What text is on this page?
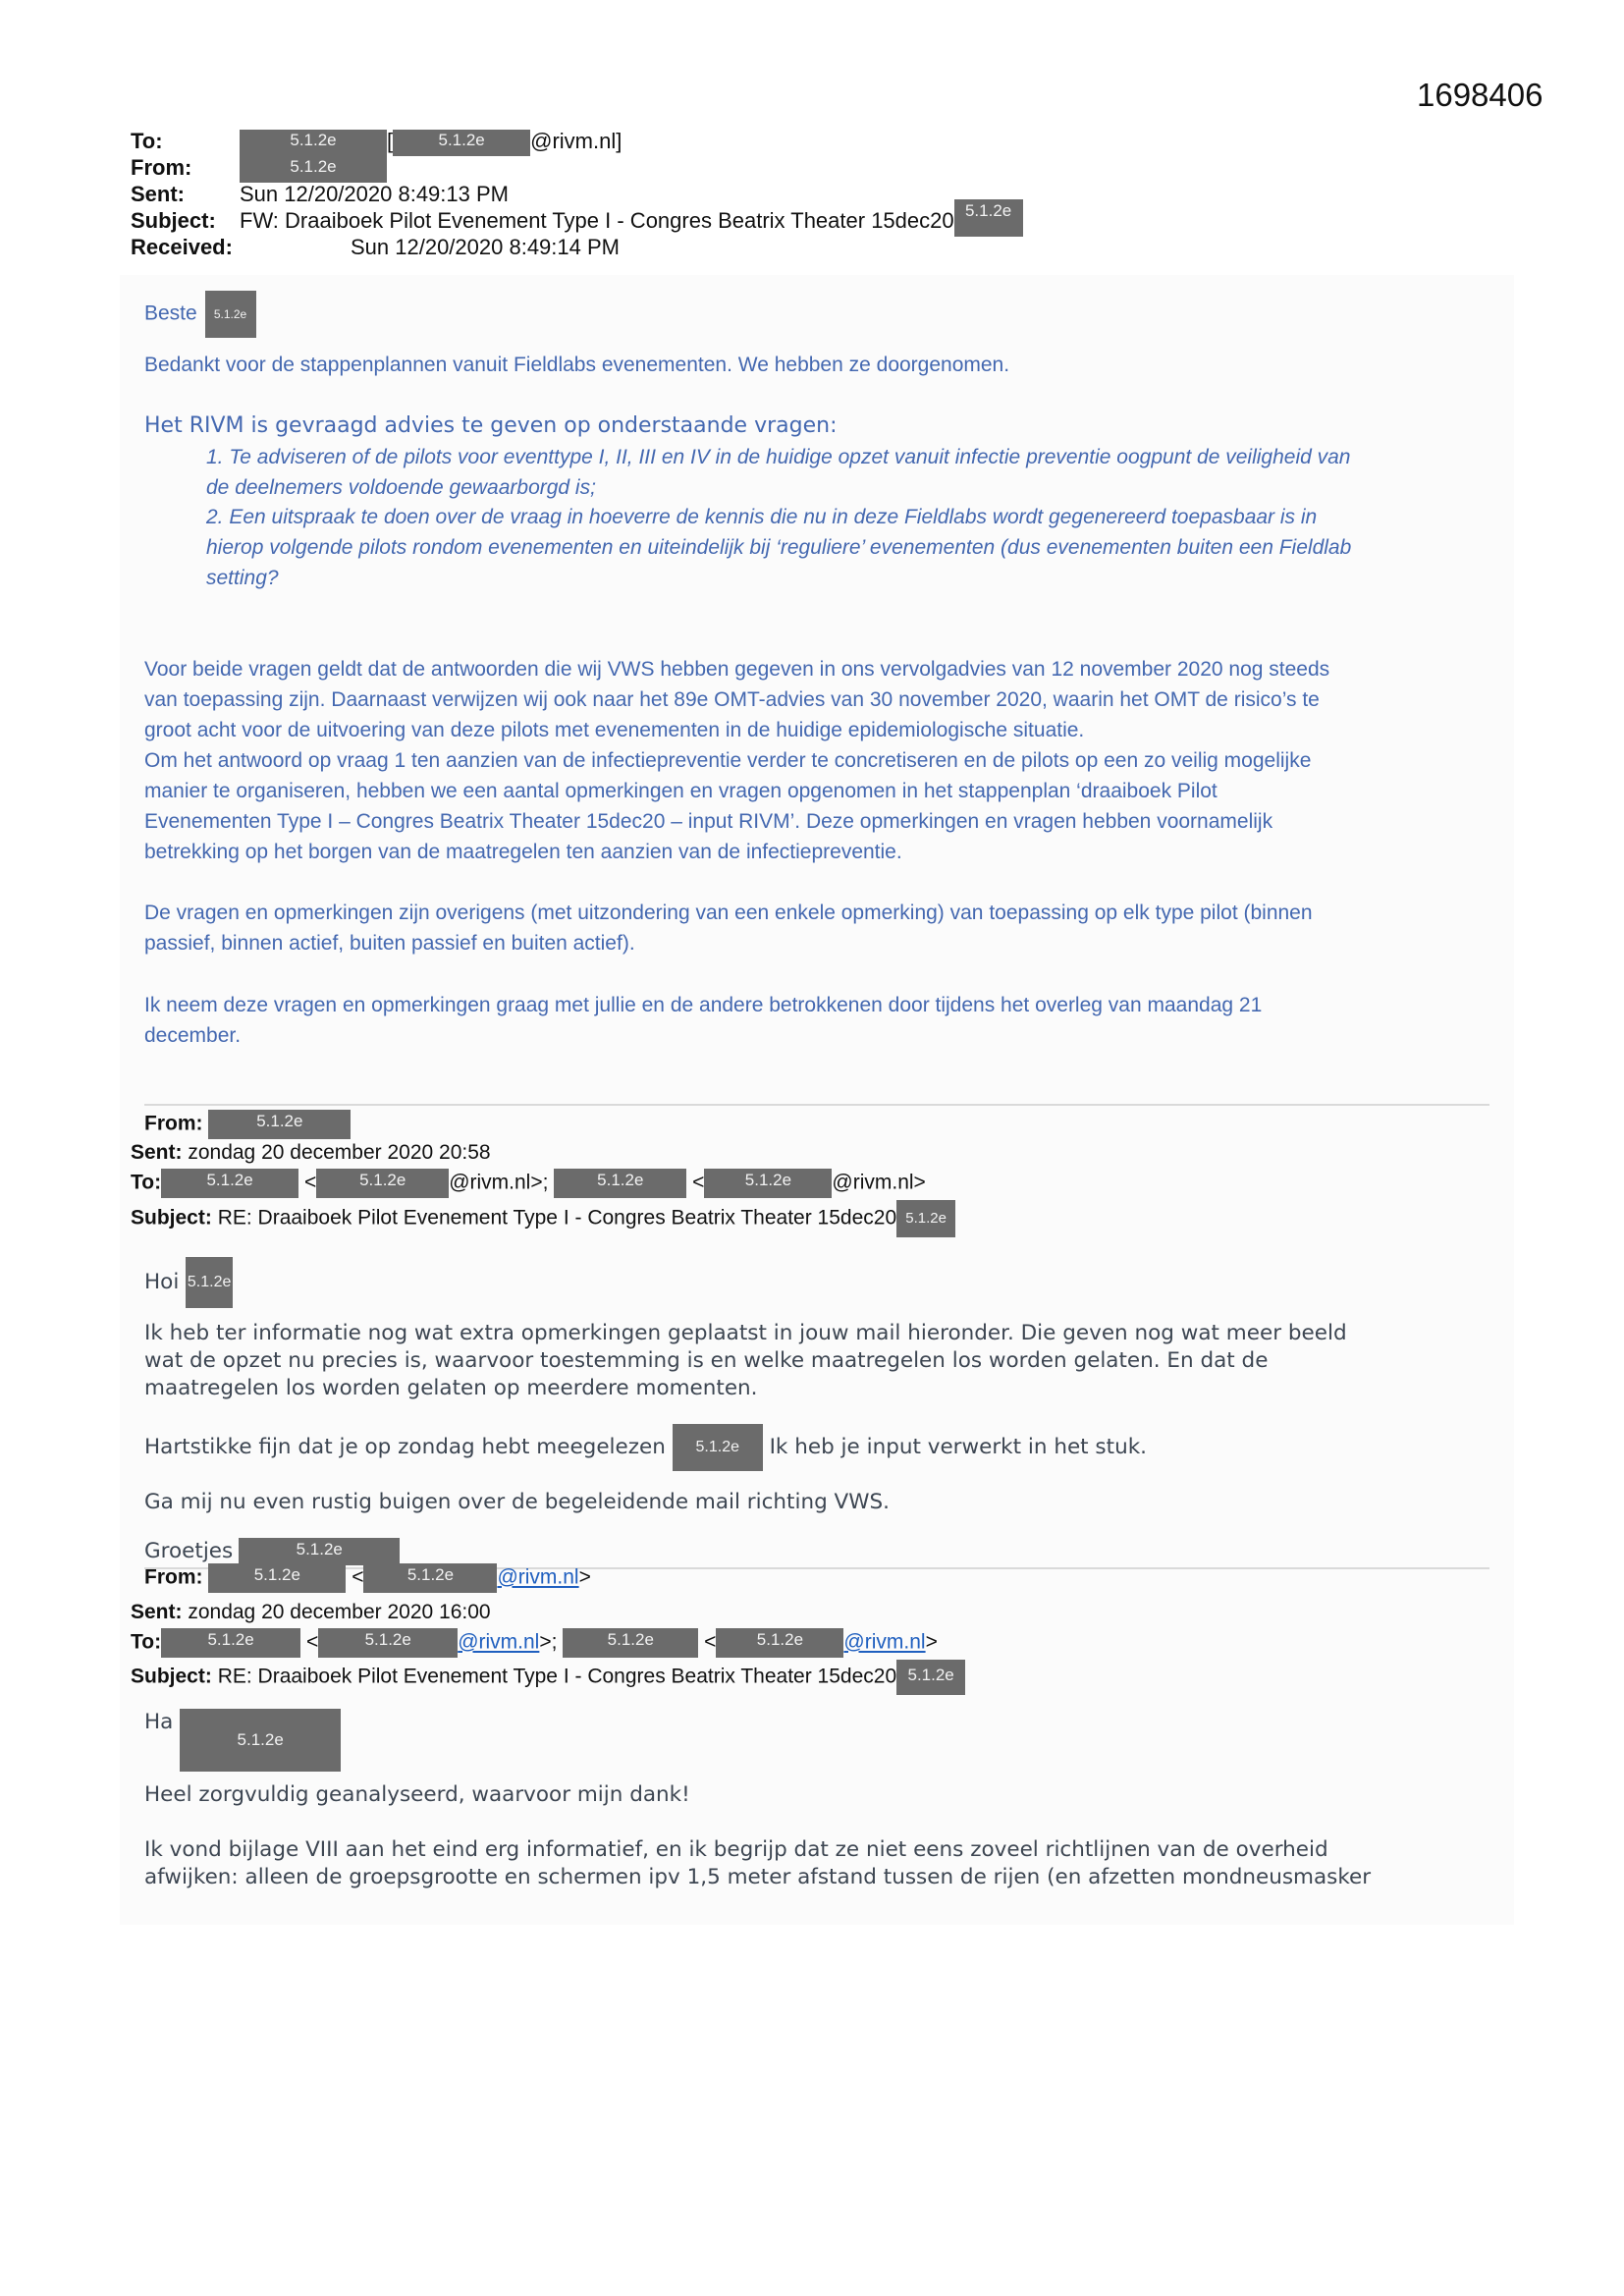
1698406
To:	5.1.2e [	5.1.2e @rivm.nl]
From:	5.1.2e
Sent:	Sun 12/20/2020 8:49:13 PM
Subject: FW: Draaiboek Pilot Evenement Type I - Congres Beatrix Theater 15dec20 5.1.2e
Received:	Sun 12/20/2020 8:49:14 PM
Beste 5.1.2e
Bedankt voor de stappenplannen vanuit Fieldlabs evenementen. We hebben ze doorgenomen.
Het RIVM is gevraagd advies te geven op onderstaande vragen:
1. Te adviseren of de pilots voor eventtype I, II, III en IV in de huidige opzet vanuit infectie preventie oogpunt de veiligheid van
de deelnemers voldoende gewaarborgd is;
2. Een uitspraak te doen over de vraag in hoeverre de kennis die nu in deze Fieldlabs wordt gegenereerd toepasbaar is in
hierop volgende pilots rondom evenementen en uiteindelijk bij ‘reguliere’ evenementen (dus evenementen buiten een Fieldlab
setting?
Voor beide vragen geldt dat de antwoorden die wij VWS hebben gegeven in ons vervolgadvies van 12 november 2020 nog steeds
van toepassing zijn. Daarnaast verwijzen wij ook naar het 89e OMT-advies van 30 november 2020, waarin het OMT de risico’s te
groot acht voor de uitvoering van deze pilots met evenementen in de huidige epidemiologische situatie.
Om het antwoord op vraag 1 ten aanzien van de infectiepreventie verder te concretiseren en de pilots op een zo veilig mogelijke
manier te organiseren, hebben we een aantal opmerkingen en vragen opgenomen in het stappenplan ‘draaiboek Pilot
Evenementen Type I – Congres Beatrix Theater 15dec20 – input RIVM’. Deze opmerkingen en vragen hebben voornamelijk
betrekking op het borgen van de maatregelen ten aanzien van de infectiepreventie.
De vragen en opmerkingen zijn overigens (met uitzondering van een enkele opmerking) van toepassing op elk type pilot (binnen
passief, binnen actief, buiten passief en buiten actief).
Ik neem deze vragen en opmerkingen graag met jullie en de andere betrokkenen door tijdens het overleg van maandag 21
december.
From:	5.1.2e
Sent: zondag 20 december 2020 20:58
To:	5.1.2e <	5.1.2e @rivm.nl>;	5.1.2e < 5.1.2e @rivm.nl>
Subject: RE: Draaiboek Pilot Evenement Type I - Congres Beatrix Theater 15dec20 5.1.2e
Hoi 5.1.2e
Ik heb ter informatie nog wat extra opmerkingen geplaatst in jouw mail hieronder. Die geven nog wat meer beeld
wat de opzet nu precies is, waarvoor toestemming is en welke maatregelen los worden gelaten. En dat de
maatregelen los worden gelaten op meerdere momenten.
Hartstikke fijn dat je op zondag hebt meegelezen 5.1.2e Ik heb je input verwerkt in het stuk.
Ga mij nu even rustig buigen over de begeleidende mail richting VWS.
Groetjes	5.1.2e
From:	5.1.2e <	5.1.2e @rivm.nl>
Sent: zondag 20 december 2020 16:00
To:	5.1.2e	<	5.1.2e @rivm.nl>;	5.1.2e < 5.1.2e @rivm.nl>
Subject: RE: Draaiboek Pilot Evenement Type I - Congres Beatrix Theater 15dec20 5.1.2e
Ha 5.1.2e
Heel zorgvuldig geanalyseerd, waarvoor mijn dank!
Ik vond bijlage VIII aan het eind erg informatief, en ik begrijp dat ze niet eens zoveel richtlijnen van de overheid
afwijken: alleen de groepsgrootte en schermen ipv 1,5 meter afstand tussen de rijen (en afzetten mondneusmasker
